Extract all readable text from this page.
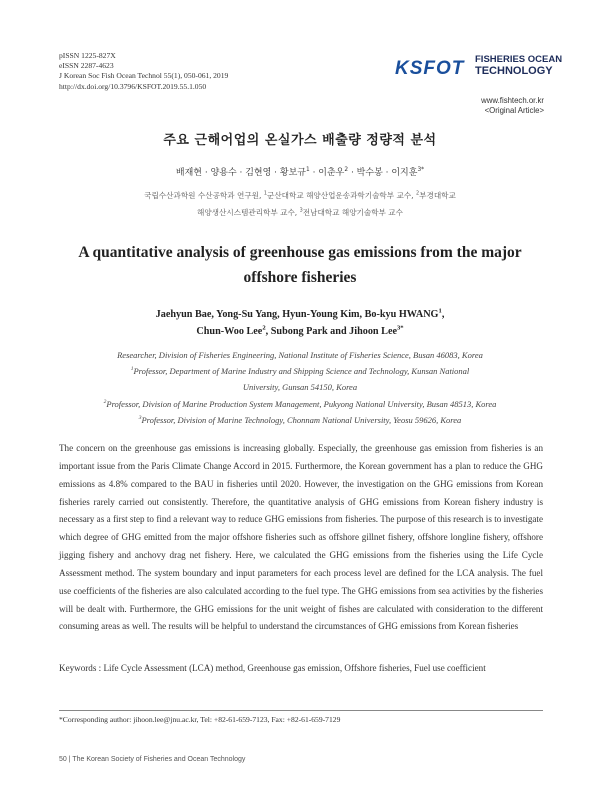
pISSN 1225-827X
eISSN 2287-4623
J Korean Soc Fish Ocean Technol 55(1), 050-061, 2019
http://dx.doi.org/10.3796/KSFOT.2019.55.1.050
KSFOT FISHERIES OCEAN
TECHNOLOGY
www.fishtech.or.kr
<Original Article>
주요 근해어업의 온실가스 배출량 정량적 분석
배재현 · 양용수 · 김현영 · 황보규$^1$ · 이춘우$^2$ · 박수봉 · 이지훈$^{3*}$
국립수산과학원 수산공학과 연구원, $^1$군산대학교 해양산업운송과학기술학부 교수, $^2$부경대학교
해양생산시스템관리학부 교수, $^3$전남대학교 해양기술학부 교수
A quantitative analysis of greenhouse gas emissions from the major
offshore fisheries
Jaehyun Bae, Yong-Su Yang, Hyun-Young Kim, Bo-kyu HWANG$^1$,
Chun-Woo Lee$^2$, Subong Park and Jihoon Lee$^{3*}$
Researcher, Division of Fisheries Engineering, National Institute of Fisheries Science, Busan 46083, Korea
$^1$Professor, Department of Marine Industry and Shipping Science and Technology, Kunsan National
University, Gunsan 54150, Korea
$^2$Professor, Division of Marine Production System Management, Pukyong National University, Busan 48513, Korea
$^3$Professor, Division of Marine Technology, Chonnam National University, Yeosu 59626, Korea
The concern on the greenhouse gas emissions is increasing globally. Especially, the greenhouse gas emission from fisheries is an important issue from the Paris Climate Change Accord in 2015. Furthermore, the Korean government has a plan to reduce the GHG emissions as 4.8% compared to the BAU in fisheries until 2020. However, the investigation on the GHG emissions from Korean fisheries rarely carried out consistently. Therefore, the quantitative analysis of GHG emissions from Korean fishery industry is necessary as a first step to find a relevant way to reduce GHG emissions from fisheries. The purpose of this research is to investigate which degree of GHG emitted from the major offshore fisheries such as offshore gillnet fishery, offshore longline fishery, offshore jigging fishery and anchovy drag net fishery. Here, we calculated the GHG emissions from the fisheries using the Life Cycle Assessment method. The system boundary and input parameters for each process level are defined for the LCA analysis. The fuel use coefficients of the fisheries are also calculated according to the fuel type. The GHG emissions from sea activities by the fisheries will be dealt with. Furthermore, the GHG emissions for the unit weight of fishes are calculated with consideration to the different consuming areas as well. The results will be helpful to understand the circumstances of GHG emissions from Korean fisheries
Keywords : Life Cycle Assessment (LCA) method, Greenhouse gas emission, Offshore fisheries, Fuel use coefficient
*Corresponding author: jihoon.lee@jnu.ac.kr, Tel: +82-61-659-7123, Fax: +82-61-659-7129
50 | The Korean Society of Fisheries and Ocean Technology
